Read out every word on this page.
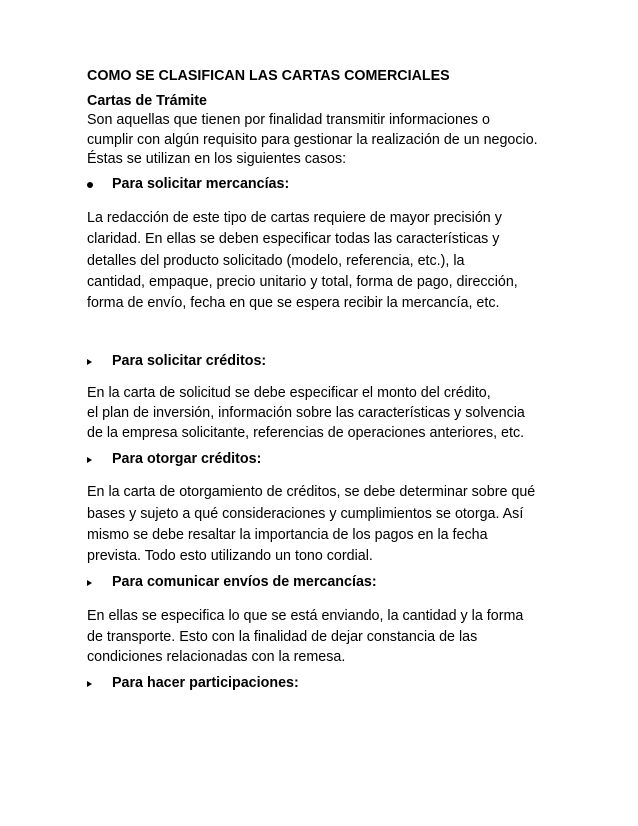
COMO SE CLASIFICAN LAS CARTAS COMERCIALES
Cartas de Trámite
Son aquellas que tienen por finalidad transmitir informaciones o
cumplir con algún requisito para gestionar la realización de un negocio.
Éstas se utilizan en los siguientes casos:
Para solicitar mercancías:
La redacción de este tipo de cartas requiere de mayor precisión y
claridad. En ellas se deben especificar todas las características y
detalles del producto solicitado (modelo, referencia, etc.), la
cantidad, empaque, precio unitario y total, forma de pago, dirección,
forma de envío, fecha en que se espera recibir la mercancía, etc.
Para solicitar créditos:
En la carta de solicitud se debe especificar el monto del crédito,
el plan de inversión, información sobre las características y solvencia
de la empresa solicitante, referencias de operaciones anteriores, etc.
Para otorgar créditos:
En la carta de otorgamiento de créditos, se debe determinar sobre qué
bases y sujeto a qué consideraciones y cumplimientos se otorga. Así
mismo se debe resaltar la importancia de los pagos en la fecha
prevista. Todo esto utilizando un tono cordial.
Para comunicar envíos de mercancías:
En ellas se especifica lo que se está enviando, la cantidad y la forma
de transporte. Esto con la finalidad de dejar constancia de las
condiciones relacionadas con la remesa.
Para hacer participaciones:
